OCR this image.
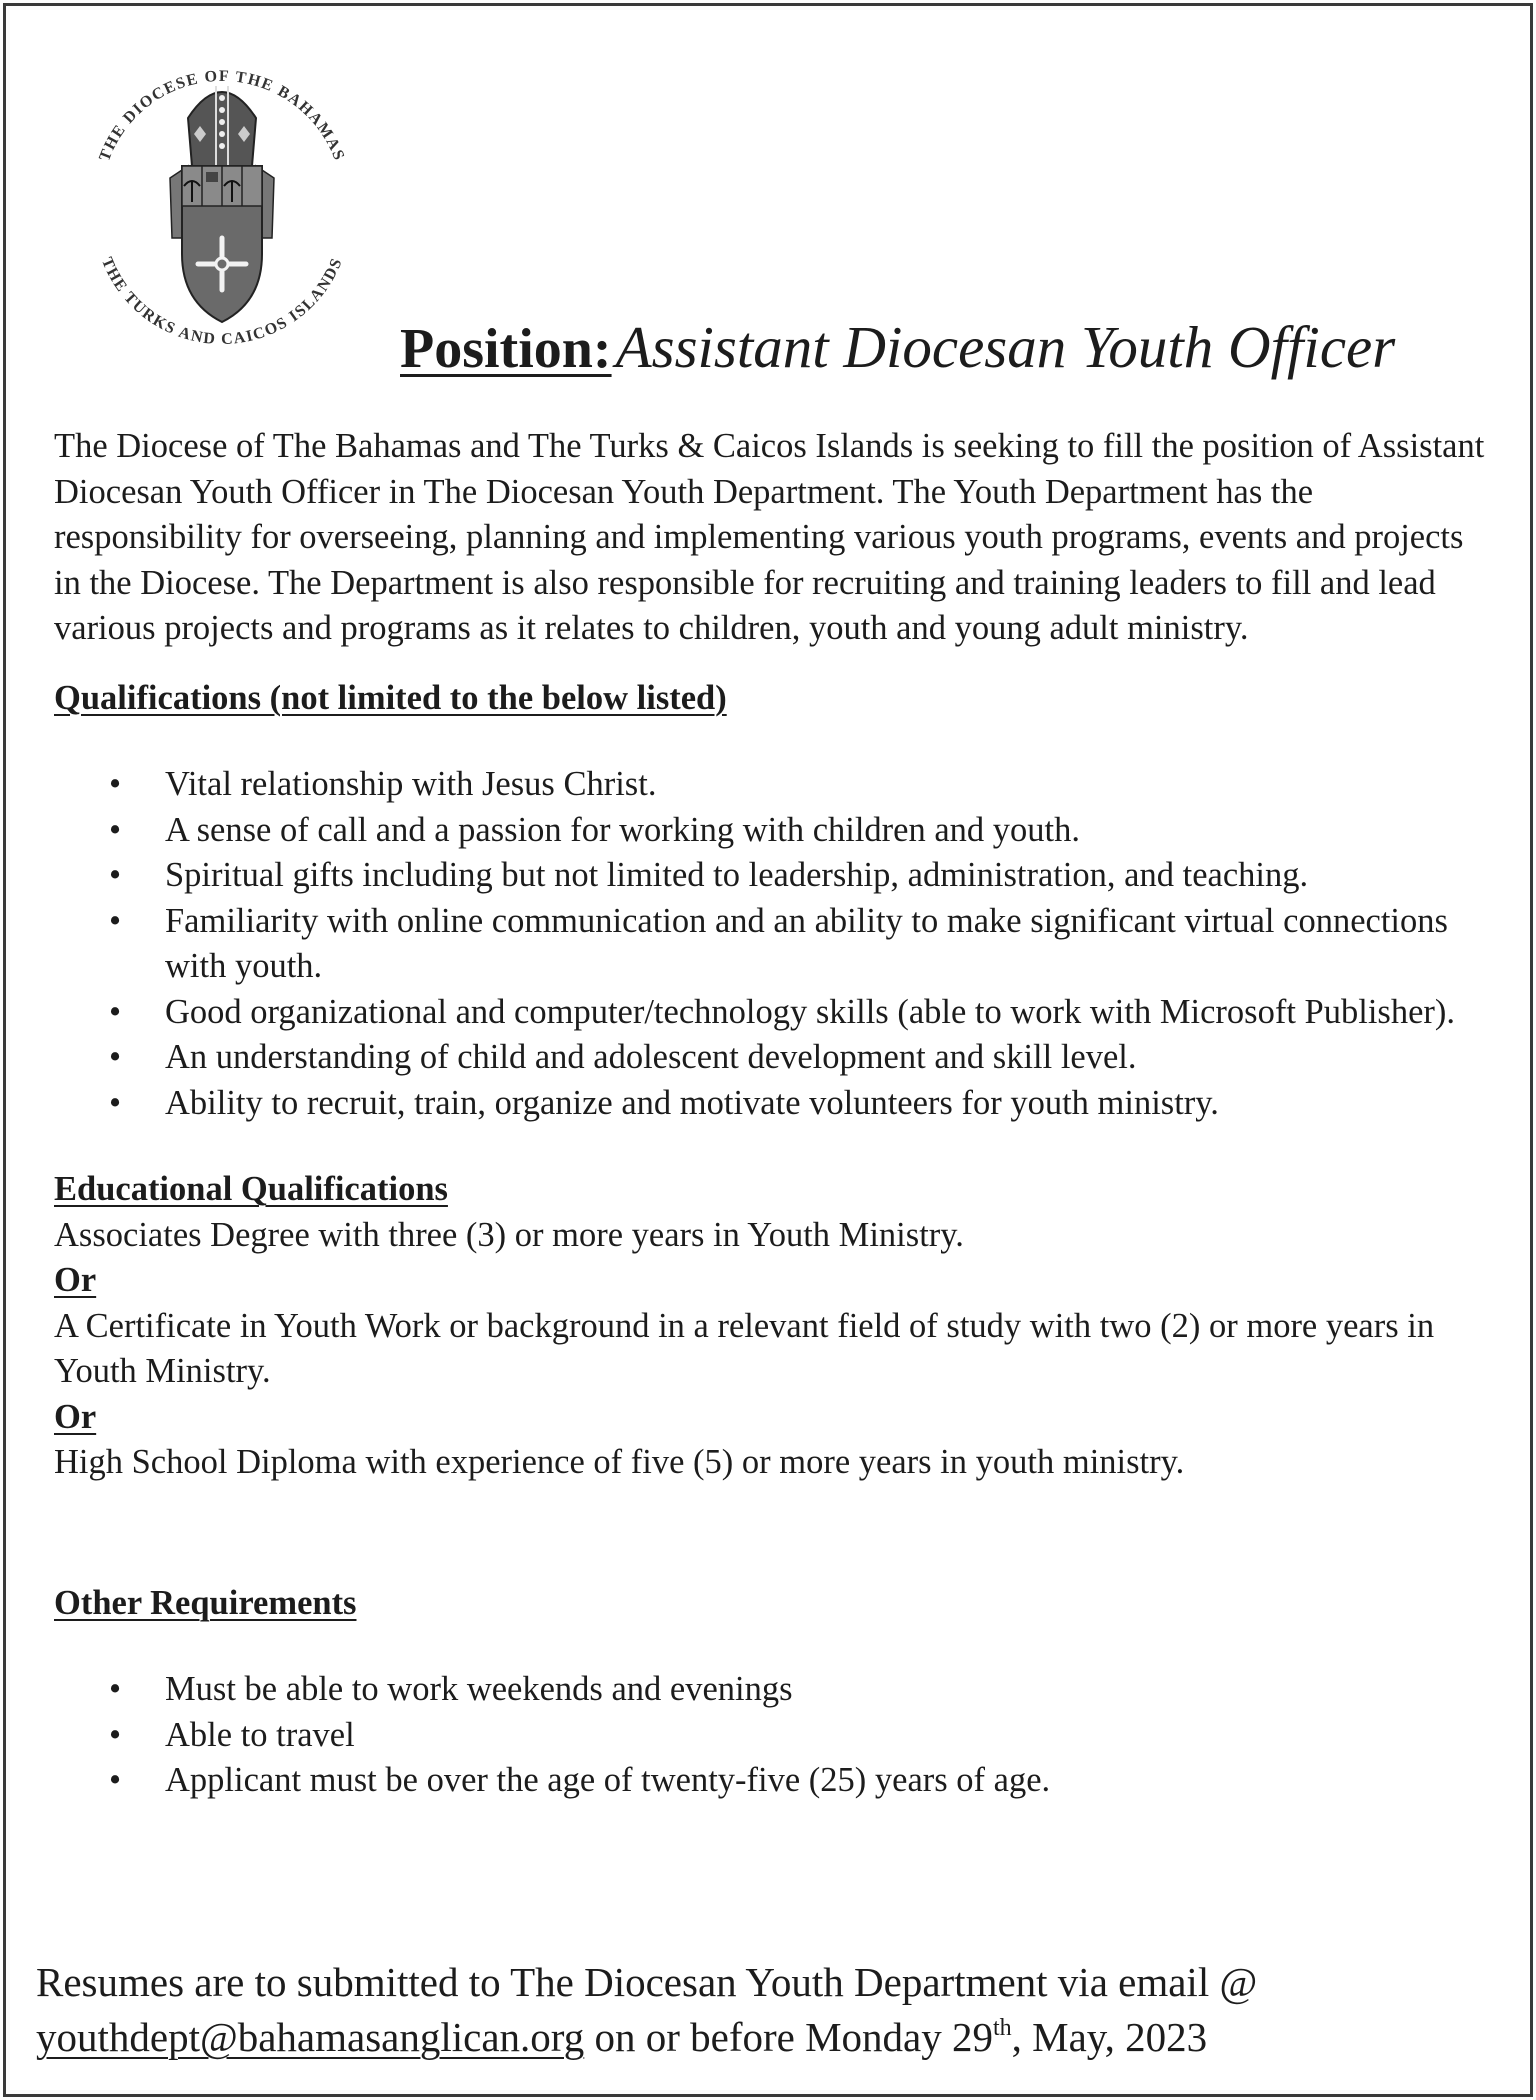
THE DIOCESE OF THE BAHAMAS
THE TURKS AND CAICOS ISLANDS
Position: Assistant Diocesan Youth Officer

The Diocese of The Bahamas and The Turks & Caicos Islands is seeking to fill the position of Assistant Diocesan Youth Officer in The Diocesan Youth Department. The Youth Department has the responsibility for overseeing, planning and implementing various youth programs, events and projects in the Diocese. The Department is also responsible for recruiting and training leaders to fill and lead various projects and programs as it relates to children, youth and young adult ministry.

Qualifications (not limited to the below listed)
• Vital relationship with Jesus Christ.
• A sense of call and a passion for working with children and youth.
• Spiritual gifts including but not limited to leadership, administration, and teaching.
• Familiarity with online communication and an ability to make significant virtual connections with youth.
• Good organizational and computer/technology skills (able to work with Microsoft Publisher).
• An understanding of child and adolescent development and skill level.
• Ability to recruit, train, organize and motivate volunteers for youth ministry.
Educational Qualifications
Associates Degree with three (3) or more years in Youth Ministry.
Or
A Certificate in Youth Work or background in a relevant field of study with two (2) or more years in Youth Ministry.
Or
High School Diploma with experience of five (5) or more years in youth ministry.
Other Requirements
• Must be able to work weekends and evenings
• Able to travel
• Applicant must be over the age of twenty-five (25) years of age.
Resumes are to submitted to The Diocesan Youth Department via email @
youthdept@bahamasanglican.org on or before Monday 29th, May, 2023
